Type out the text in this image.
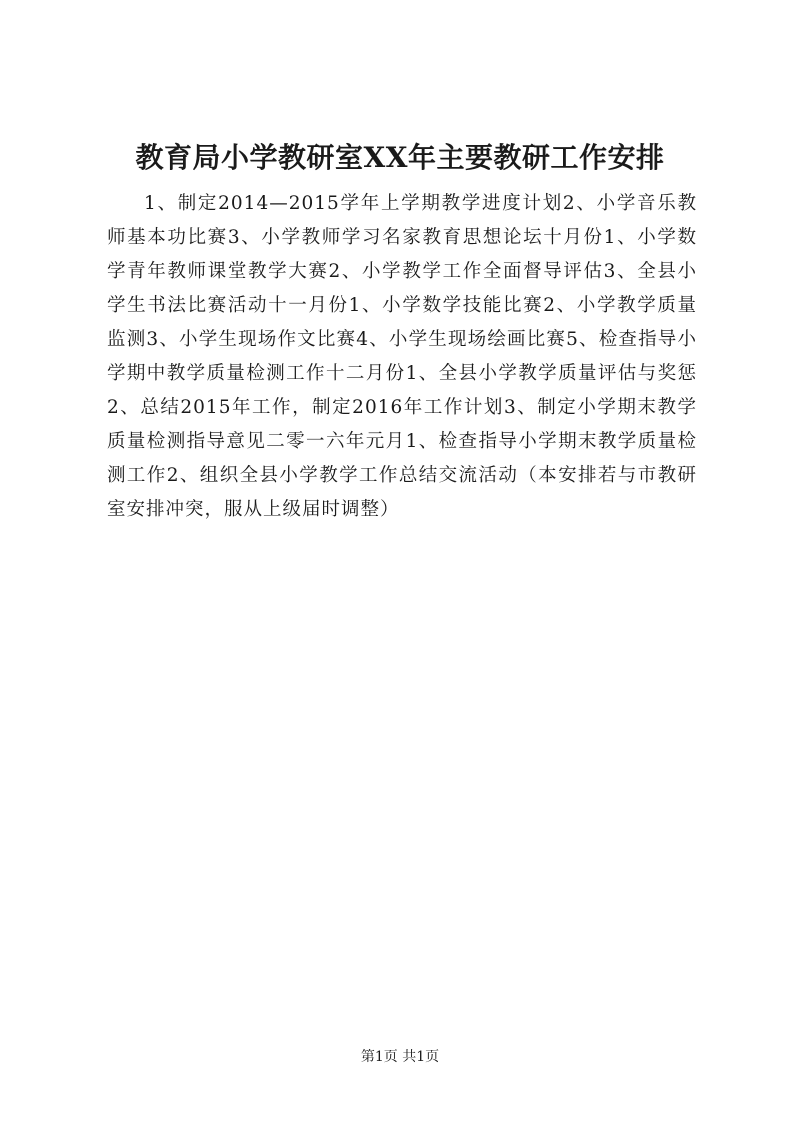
教育局小学教研室XX年主要教研工作安排

1、制定2014—2015学年上学期教学进度计划2、小学音乐教师基本功比赛3、小学教师学习名家教育思想论坛十月份1、小学数学青年教师课堂教学大赛2、小学教学工作全面督导评估3、全县小学生书法比赛活动十一月份1、小学数学技能比赛2、小学教学质量监测3、小学生现场作文比赛4、小学生现场绘画比赛5、检查指导小学期中教学质量检测工作十二月份1、全县小学教学质量评估与奖惩2、总结2015年工作，制定2016年工作计划3、制定小学期末教学质量检测指导意见二零一六年元月1、检查指导小学期末教学质量检测工作2、组织全县小学教学工作总结交流活动（本安排若与市教研室安排冲突，服从上级届时调整）

第1页 共1页
